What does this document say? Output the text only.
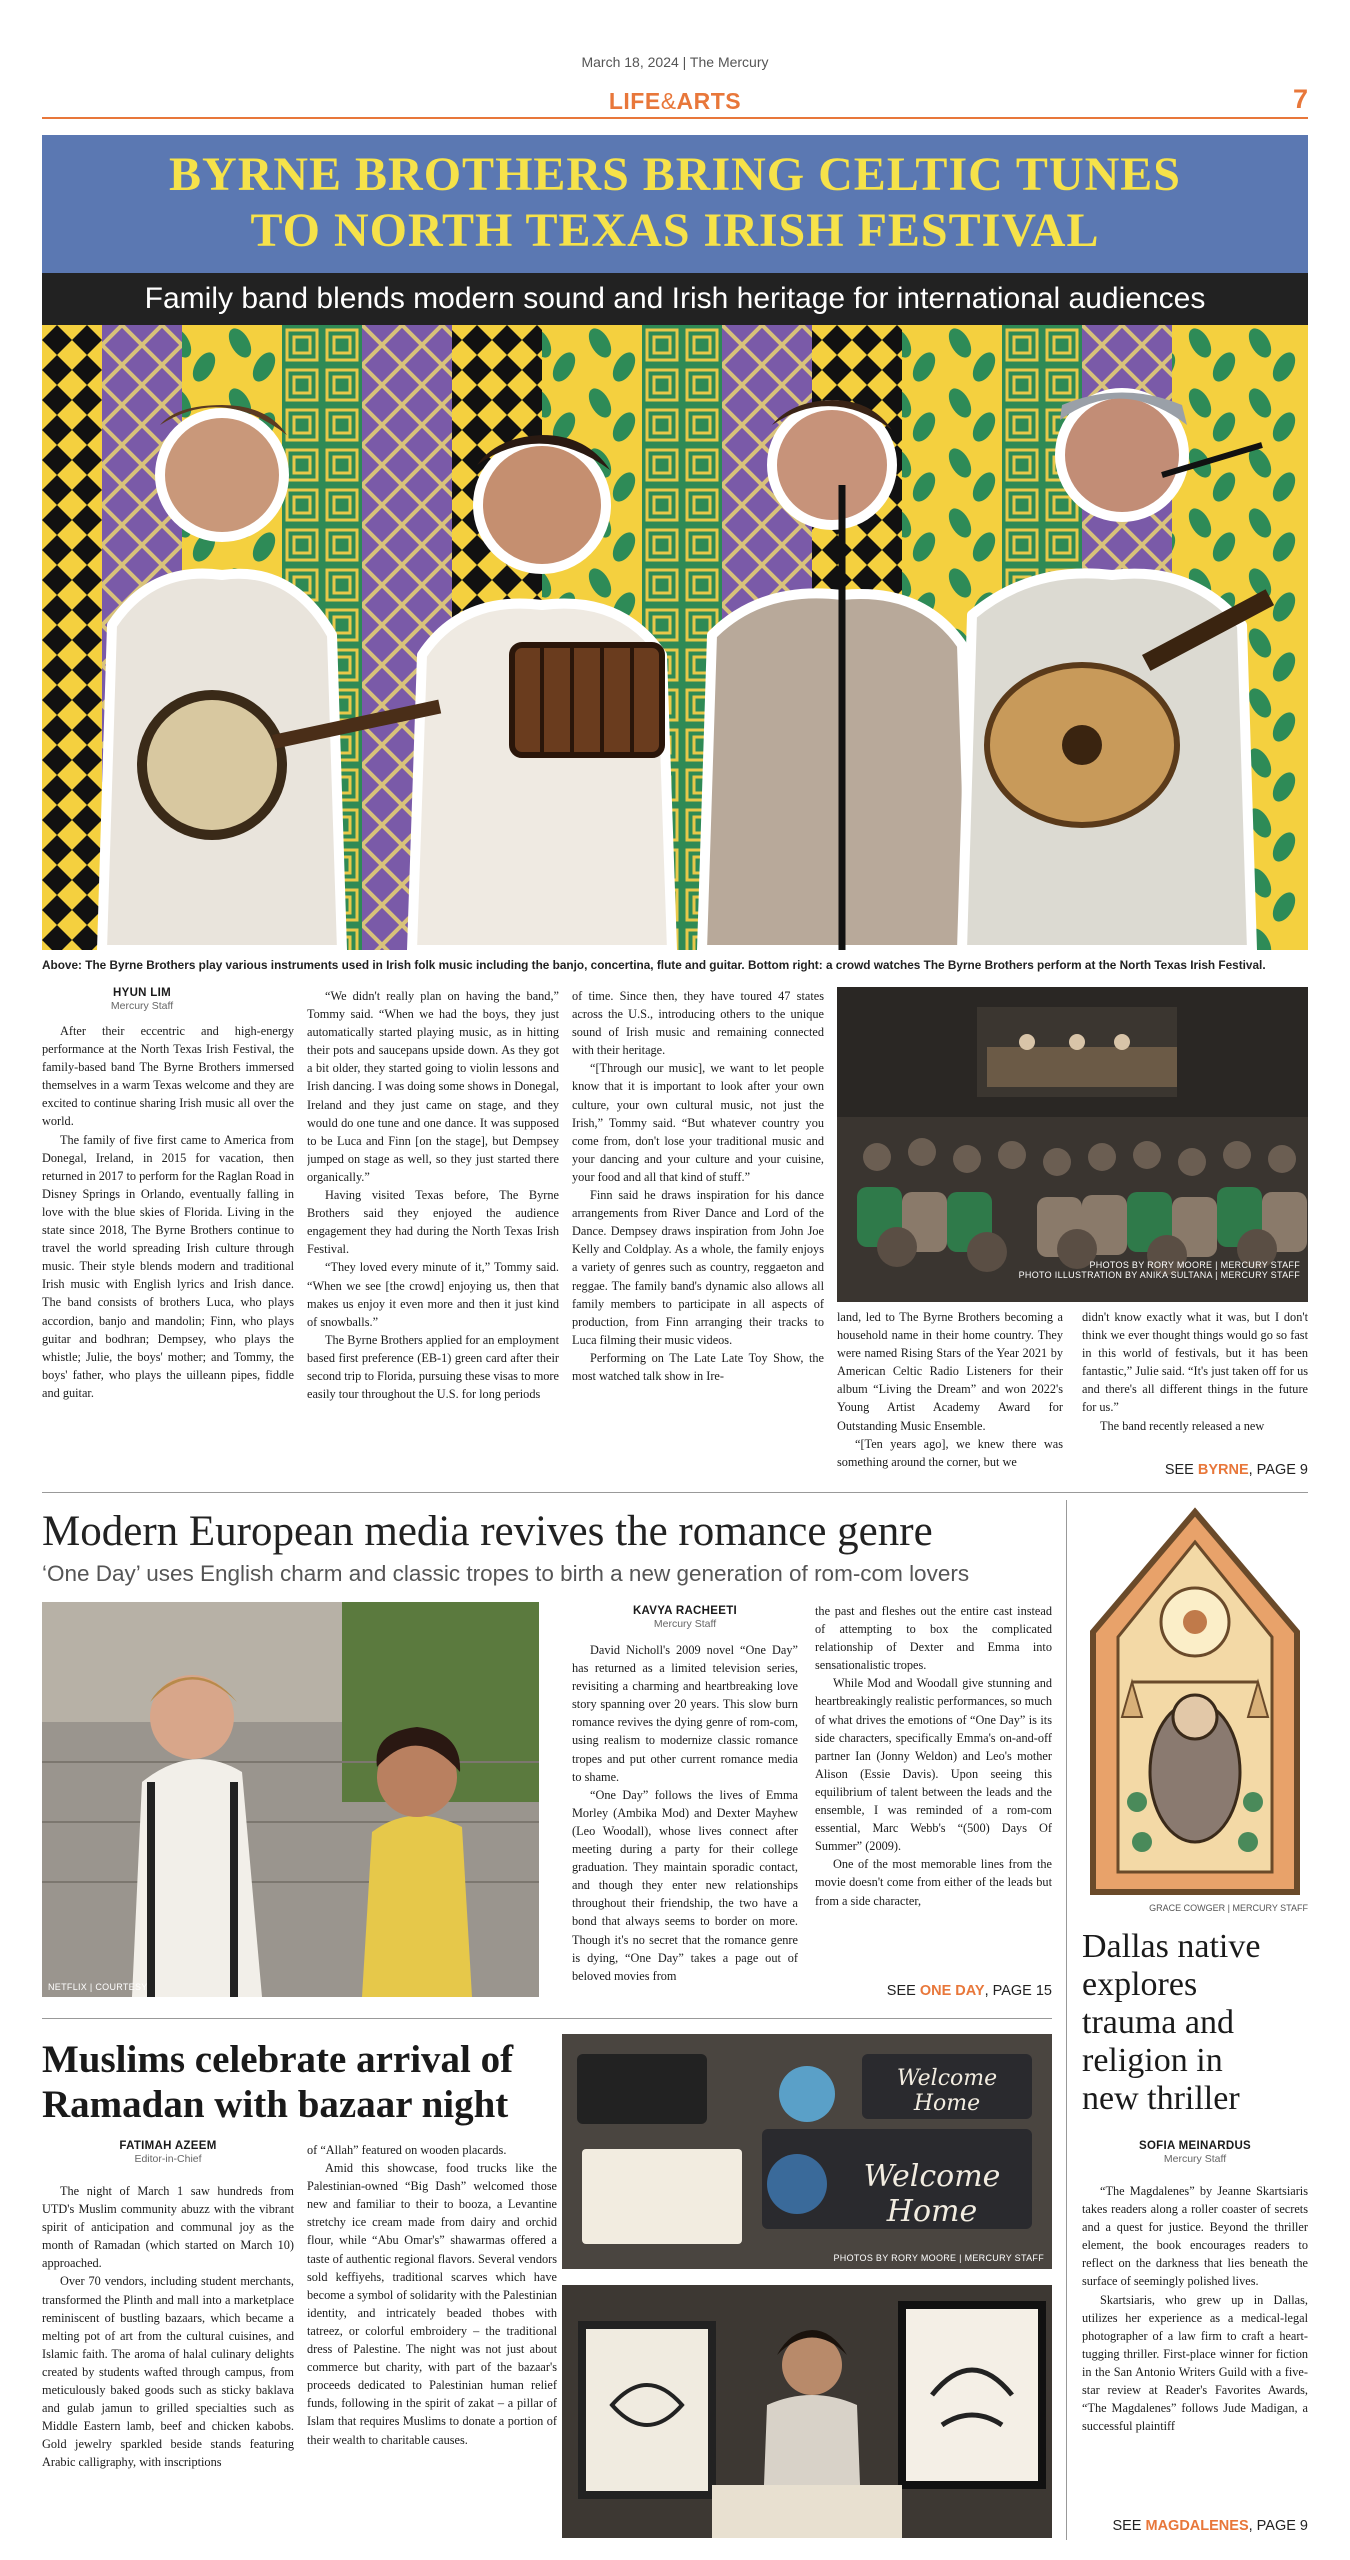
March 18, 2024 | The Mercury
LIFE&ARTS	7
BYRNE BROTHERS BRING CELTIC TUNES
TO NORTH TEXAS IRISH FESTIVAL
Family band blends modern sound and Irish heritage for international audiences
Above: The Byrne Brothers play various instruments used in Irish folk music including the banjo, concertina, flute and guitar. Bottom right: a crowd watches The Byrne Brothers perform at the North Texas Irish Festival.
HYUN LIM
Mercury Staff

After their eccentric and high-energy performance at the North Texas Irish Festival, the family-based band The Byrne Brothers immersed themselves in a warm Texas welcome and they are excited to continue sharing Irish music all over the world.

The family of five first came to America from Donegal, Ireland, in 2015 for vacation, then returned in 2017 to perform for the Raglan Road in Disney Springs in Orlando, eventually falling in love with the blue skies of Florida. Living in the state since 2018, The Byrne Brothers continue to travel the world spreading Irish culture through music. Their style blends modern and traditional Irish music with English lyrics and Irish dance. The band consists of brothers Luca, who plays accordion, banjo and mandolin; Finn, who plays guitar and bodhran; Dempsey, who plays the whistle; Julie, the boys' mother; and Tommy, the boys' father, who plays the uilleann pipes, fiddle and guitar.

“We didn't really plan on having the band,” Tommy said. “When we had the boys, they just automatically started playing music, as in hitting their pots and saucepans upside down. As they got a bit older, they started going to violin lessons and Irish dancing. I was doing some shows in Donegal, Ireland and they just came on stage, and they would do one tune and one dance. It was supposed to be Luca and Finn [on the stage], but Dempsey jumped on stage as well, so they just started there organically.”

Having visited Texas before, The Byrne Brothers said they enjoyed the audience engagement they had during the North Texas Irish Festival.

“They loved every minute of it,” Tommy said. “When we see [the crowd] enjoying us, then that makes us enjoy it even more and then it just kind of snowballs.”

The Byrne Brothers applied for an employment based first preference (EB-1) green card after their second trip to Florida, pursuing these visas to more easily tour throughout the U.S. for long periods

of time. Since then, they have toured 47 states across the U.S., introducing others to the unique sound of Irish music and remaining connected with their heritage.

“[Through our music], we want to let people know that it is important to look after your own culture, your own cultural music, not just the Irish,” Tommy said. “But whatever country you come from, don't lose your traditional music and your dancing and your culture and your cuisine, your food and all that kind of stuff.”

Finn said he draws inspiration for his dance arrangements from River Dance and Lord of the Dance. Dempsey draws inspiration from John Joe Kelly and Coldplay. As a whole, the family enjoys a variety of genres such as country, reggaeton and reggae. The family band's dynamic also allows all family members to participate in all aspects of production, from Finn arranging their tracks to Luca filming their music videos.

Performing on The Late Late Toy Show, the most watched talk show in Ire-

PHOTOS BY RORY MOORE | MERCURY STAFF
PHOTO ILLUSTRATION BY ANIKA SULTANA | MERCURY STAFF

land, led to The Byrne Brothers becoming a household name in their home country. They were named Rising Stars of the Year 2021 by American Celtic Radio Listeners for their album “Living the Dream” and won 2022's Young Artist Academy Award for Outstanding Music Ensemble.

“[Ten years ago], we knew there was something around the corner, but we

didn't know exactly what it was, but I don't think we ever thought things would go so fast in this world of festivals, but it has been fantastic,” Julie said. “It's just taken off for us and there's all different things in the future for us.”

The band recently released a new

SEE BYRNE, PAGE 9
Modern European media revives the romance genre
‘One Day’ uses English charm and classic tropes to birth a new generation of rom-com lovers
NETFLIX | COURTESY
KAVYA RACHEETI
Mercury Staff

David Nicholl's 2009 novel “One Day” has returned as a limited television series, revisiting a charming and heartbreaking love story spanning over 20 years. This slow burn romance revives the dying genre of rom-com, using realism to modernize classic romance tropes and put other current romance media to shame.

“One Day” follows the lives of Emma Morley (Ambika Mod) and Dexter Mayhew (Leo Woodall), whose lives connect after meeting during a party for their college graduation. They maintain sporadic contact, and though they enter new relationships throughout their friendship, the two have a bond that always seems to border on more. Though it's no secret that the romance genre is dying, “One Day” takes a page out of beloved movies from

the past and fleshes out the entire cast instead of attempting to box the complicated relationship of Dexter and Emma into sensationalistic tropes.

While Mod and Woodall give stunning and heartbreakingly realistic performances, so much of what drives the emotions of “One Day” is its side characters, specifically Emma's on-and-off partner Ian (Jonny Weldon) and Leo's mother Alison (Essie Davis). Upon seeing this equilibrium of talent between the leads and the ensemble, I was reminded of a rom-com essential, Marc Webb's “(500) Days Of Summer” (2009).

One of the most memorable lines from the movie doesn't come from either of the leads but from a side character,

SEE ONE DAY, PAGE 15
Muslims celebrate arrival of
Ramadan with bazaar night
FATIMAH AZEEM
Editor-in-Chief

The night of March 1 saw hundreds from UTD's Muslim community abuzz with the vibrant spirit of anticipation and communal joy as the month of Ramadan (which started on March 10) approached.

Over 70 vendors, including student merchants, transformed the Plinth and mall into a marketplace reminiscent of bustling bazaars, which became a melting pot of art from the cultural cuisines, and Islamic faith. The aroma of halal culinary delights created by students wafted through campus, from meticulously baked goods such as sticky baklava and gulab jamun to grilled specialties such as Middle Eastern lamb, beef and chicken kabobs. Gold jewelry sparkled beside stands featuring Arabic calligraphy, with inscriptions

of “Allah” featured on wooden placards.

Amid this showcase, food trucks like the Palestinian-owned “Big Dash” welcomed those new and familiar to their to booza, a Levantine stretchy ice cream made from dairy and orchid flour, while “Abu Omar's” shawarmas offered a taste of authentic regional flavors. Several vendors sold keffiyehs, traditional scarves which have become a symbol of solidarity with the Palestinian identity, and intricately beaded thobes with tatreez, or colorful embroidery – the traditional dress of Palestine. The night was not just about commerce but charity, with part of the bazaar's proceeds dedicated to Palestinian human relief funds, following in the spirit of zakat – a pillar of Islam that requires Muslims to donate a portion of their wealth to charitable causes.

Welcome Home
Welcome Home
PHOTOS BY RORY MOORE | MERCURY STAFF
GRACE COWGER | MERCURY STAFF
Dallas native
explores
trauma and
religion in
new thriller
SOFIA MEINARDUS
Mercury Staff

“The Magdalenes” by Jeanne Skartsiaris takes readers along a roller coaster of secrets and a quest for justice. Beyond the thriller element, the book encourages readers to reflect on the darkness that lies beneath the surface of seemingly polished lives.

Skartsiaris, who grew up in Dallas, utilizes her experience as a medical-legal photographer of a law firm to craft a heart-tugging thriller. First-place winner for fiction in the San Antonio Writers Guild with a five-star review at Reader's Favorites Awards, “The Magdalenes” follows Jude Madigan, a successful plaintiff

SEE MAGDALENES, PAGE 9
